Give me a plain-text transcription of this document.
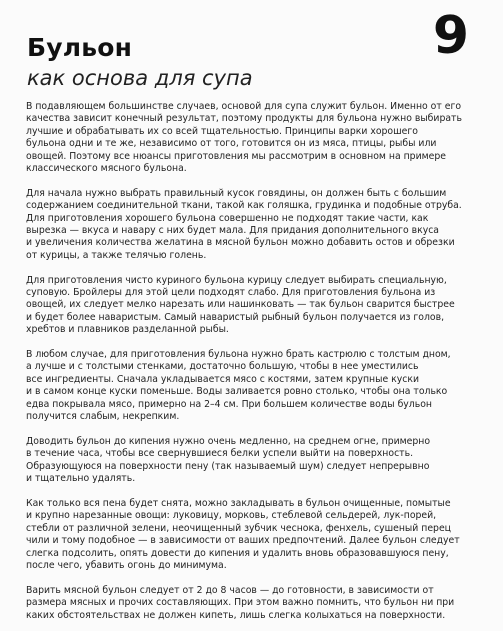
9
Бульон
как основа для супа

В подавляющем большинстве случаев, основой для супа служит бульон. Именно от его
качества зависит конечный результат, поэтому продукты для бульона нужно выбирать
лучшие и обрабатывать их со всей тщательностью. Принципы варки хорошего
бульона одни и те же, независимо от того, готовится он из мяса, птицы, рыбы или
овощей. Поэтому все нюансы приготовления мы рассмотрим в основном на примере
классического мясного бульона.

Для начала нужно выбрать правильный кусок говядины, он должен быть с большим
содержанием соединительной ткани, такой как голяшка, грудинка и подобные отруба.
Для приготовления хорошего бульона совершенно не подходят такие части, как
вырезка — вкуса и навару с них будет мала. Для придания дополнительного вкуса
и увеличения количества желатина в мясной бульон можно добавить остов и обрезки
от курицы, а также телячью голень.

Для приготовления чисто куриного бульона курицу следует выбирать специальную,
суповую. Бройлеры для этой цели подходят слабо. Для приготовления бульона из
овощей, их следует мелко нарезать или нашинковать — так бульон сварится быстрее
и будет более наваристым. Самый наваристый рыбный бульон получается из голов,
хребтов и плавников разделанной рыбы.

В любом случае, для приготовления бульона нужно брать кастрюлю с толстым дном,
а лучше и с толстыми стенками, достаточно большую, чтобы в нее уместились
все ингредиенты. Сначала укладывается мясо с костями, затем крупные куски
и в самом конце куски поменьше. Воды заливается ровно столько, чтобы она только
едва покрывала мясо, примерно на 2–4 см. При большем количестве воды бульон
получится слабым, некрепким.

Доводить бульон до кипения нужно очень медленно, на среднем огне, примерно
в течение часа, чтобы все свернувшиеся белки успели выйти на поверхность.
Образующуюся на поверхности пену (так называемый шум) следует непрерывно
и тщательно удалять.

Как только вся пена будет снята, можно закладывать в бульон очищенные, помытые
и крупно нарезанные овощи: луковицу, морковь, стеблевой сельдерей, лук-порей,
стебли от различной зелени, неочищенный зубчик чеснока, фенхель, сушеный перец
чили и тому подобное — в зависимости от ваших предпочтений. Далее бульон следует
слегка подсолить, опять довести до кипения и удалить вновь образовавшуюся пену,
после чего, убавить огонь до минимума.

Варить мясной бульон следует от 2 до 8 часов — до готовности, в зависимости от
размера мясных и прочих составляющих. При этом важно помнить, что бульон ни при
каких обстоятельствах не должен кипеть, лишь слегка колыхаться на поверхности.
